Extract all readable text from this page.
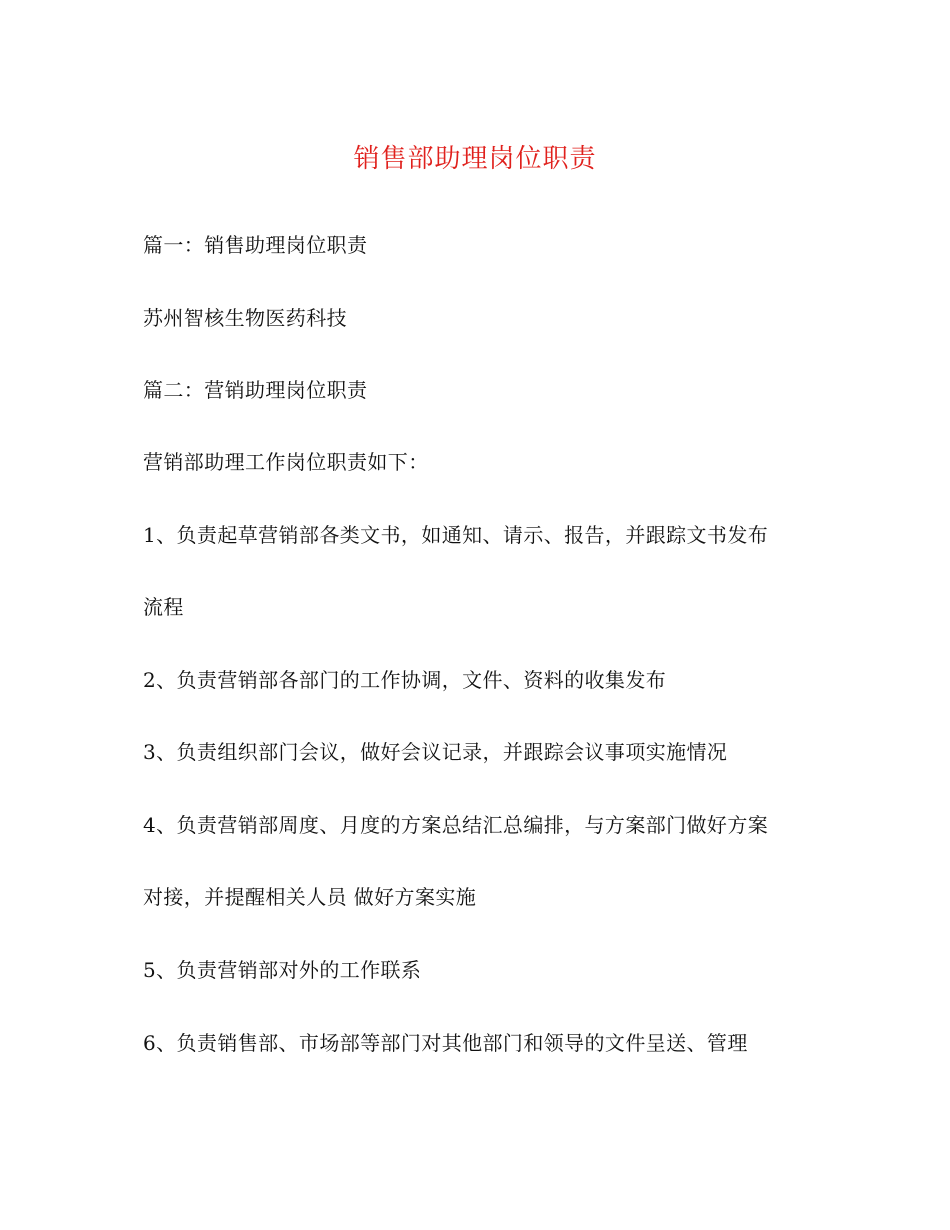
销售部助理岗位职责
篇一：销售助理岗位职责
苏州智核生物医药科技
篇二：营销助理岗位职责
营销部助理工作岗位职责如下：
1、负责起草营销部各类文书，如通知、请示、报告，并跟踪文书发布
流程
2、负责营销部各部门的工作协调，文件、资料的收集发布
3、负责组织部门会议，做好会议记录，并跟踪会议事项实施情况
4、负责营销部周度、月度的方案总结汇总编排，与方案部门做好方案
对接，并提醒相关人员 做好方案实施
5、负责营销部对外的工作联系
6、负责销售部、市场部等部门对其他部门和领导的文件呈送、管理
